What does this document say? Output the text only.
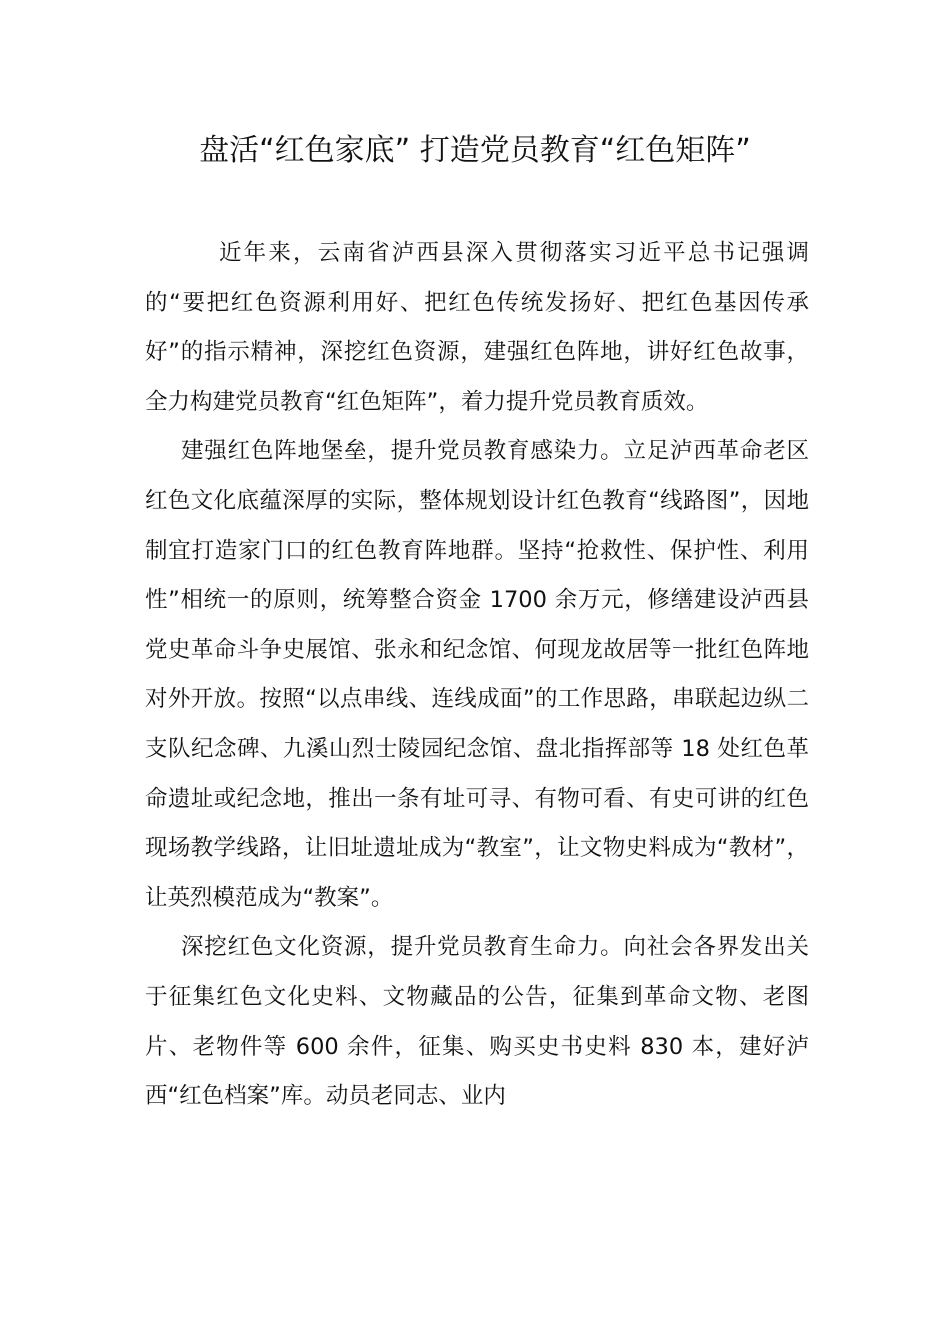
盘活“红色家底” 打造党员教育“红色矩阵”

近年来，云南省泸西县深入贯彻落实习近平总书记强调的“要把红色资源利用好、把红色传统发扬好、把红色基因传承好”的指示精神，深挖红色资源，建强红色阵地，讲好红色故事，全力构建党员教育“红色矩阵”，着力提升党员教育质效。

建强红色阵地堡垒，提升党员教育感染力。立足泸西革命老区红色文化底蕴深厚的实际，整体规划设计红色教育“线路图”，因地制宜打造家门口的红色教育阵地群。坚持“抢救性、保护性、利用性”相统一的原则，统筹整合资金 1700 余万元，修缮建设泸西县党史革命斗争史展馆、张永和纪念馆、何现龙故居等一批红色阵地对外开放。按照“以点串线、连线成面”的工作思路，串联起边纵二支队纪念碑、九溪山烈士陵园纪念馆、盘北指挥部等 18 处红色革命遗址或纪念地，推出一条有址可寻、有物可看、有史可讲的红色现场教学线路，让旧址遗址成为“教室”，让文物史料成为“教材”，让英烈模范成为“教案”。

深挖红色文化资源，提升党员教育生命力。向社会各界发出关于征集红色文化史料、文物藏品的公告，征集到革命文物、老图片、老物件等 600 余件，征集、购买史书史料 830 本，建好泸西“红色档案”库。动员老同志、业内
